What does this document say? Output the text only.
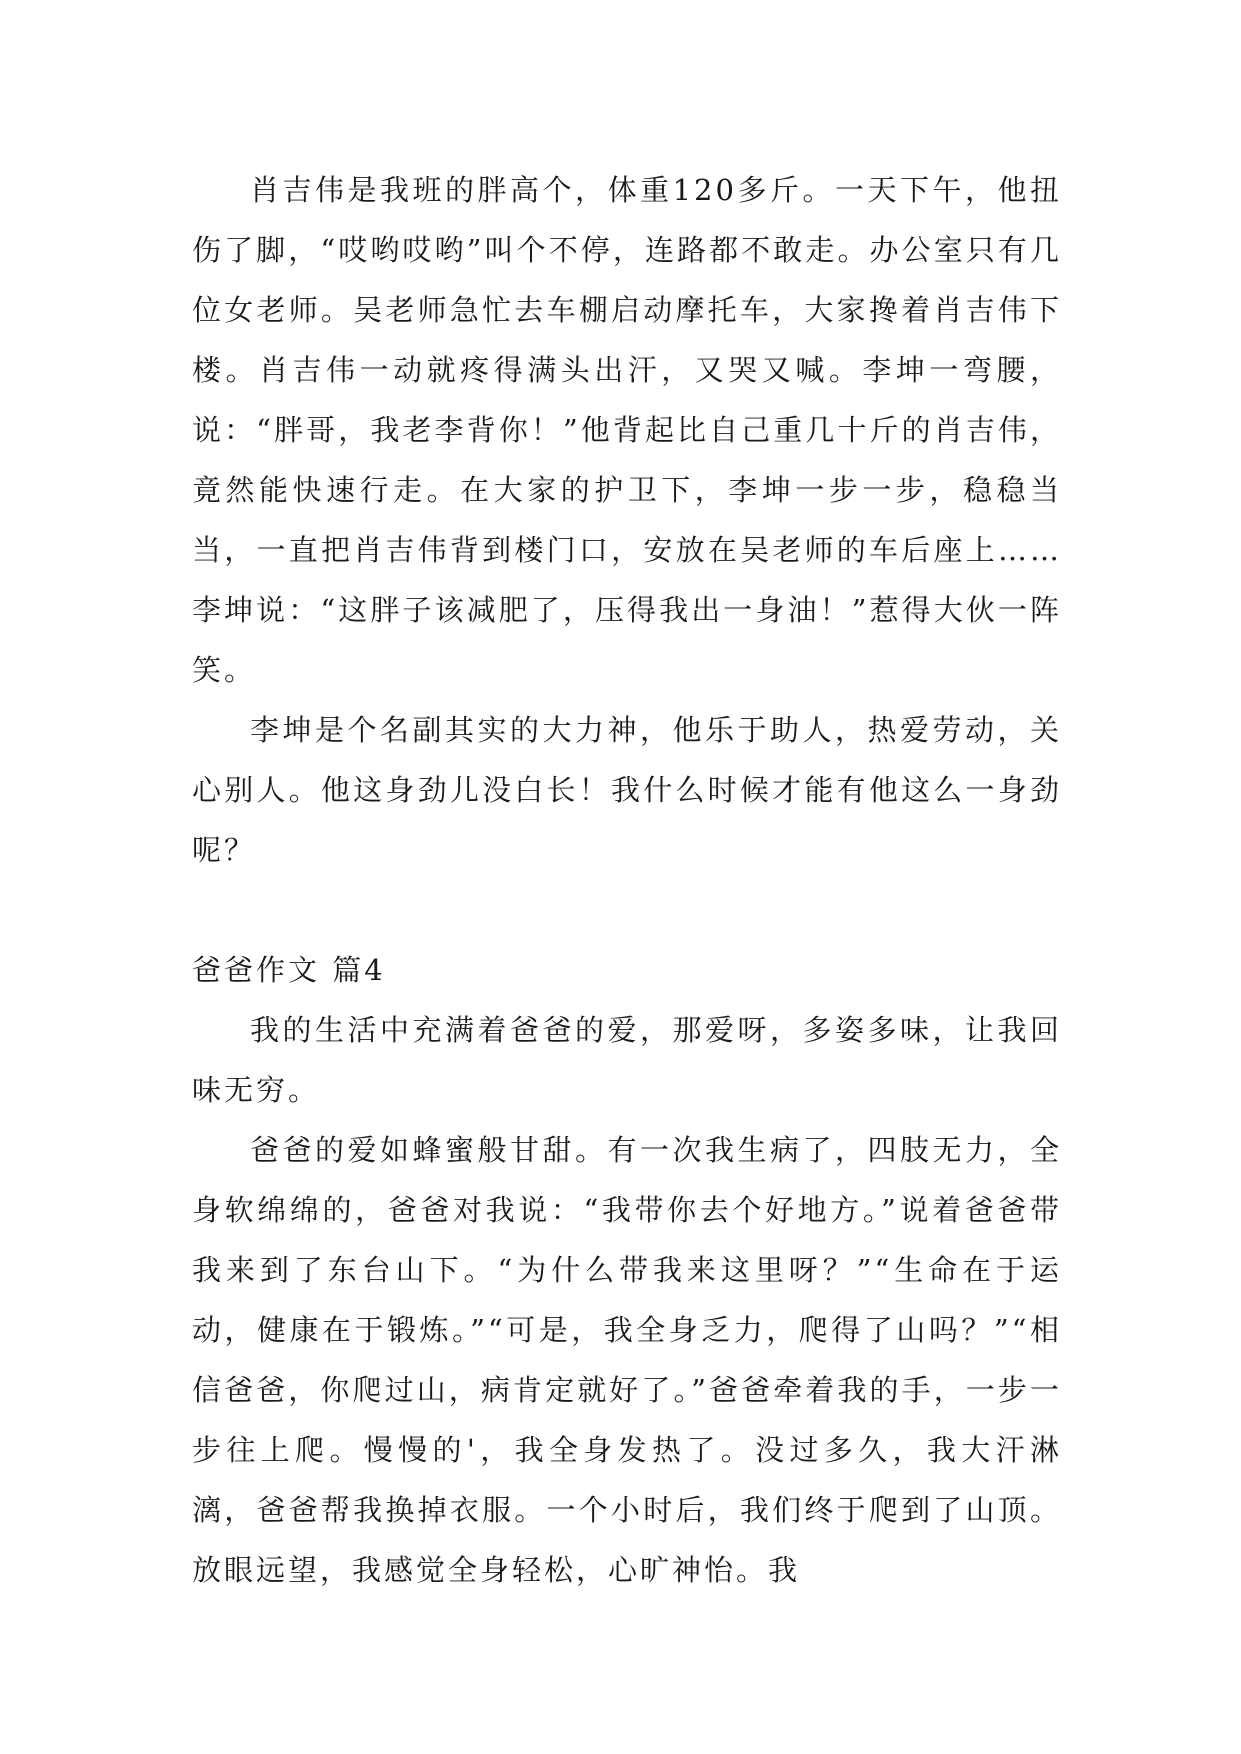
肖吉伟是我班的胖高个，体重120多斤。一天下午，他扭伤了脚，“哎哟哎哟”叫个不停，连路都不敢走。办公室只有几位女老师。吴老师急忙去车棚启动摩托车，大家搀着肖吉伟下楼。肖吉伟一动就疼得满头出汗，又哭又喊。李坤一弯腰，说：“胖哥，我老李背你！”他背起比自己重几十斤的肖吉伟，竟然能快速行走。在大家的护卫下，李坤一步一步，稳稳当当，一直把肖吉伟背到楼门口，安放在吴老师的车后座上……李坤说：“这胖子该减肥了，压得我出一身油！”惹得大伙一阵笑。

李坤是个名副其实的大力神，他乐于助人，热爱劳动，关心别人。他这身劲儿没白长！我什么时候才能有他这么一身劲呢？

爸爸作文 篇4

我的生活中充满着爸爸的爱，那爱呀，多姿多味，让我回味无穷。

爸爸的爱如蜂蜜般甘甜。有一次我生病了，四肢无力，全身软绵绵的，爸爸对我说：“我带你去个好地方。”说着爸爸带我来到了东台山下。“为什么带我来这里呀？”“生命在于运动，健康在于锻炼。”“可是，我全身乏力，爬得了山吗？”“相信爸爸，你爬过山，病肯定就好了。”爸爸牵着我的手，一步一步往上爬。慢慢的'，我全身发热了。没过多久，我大汗淋漓，爸爸帮我换掉衣服。一个小时后，我们终于爬到了山顶。放眼远望，我感觉全身轻松，心旷神怡。我
